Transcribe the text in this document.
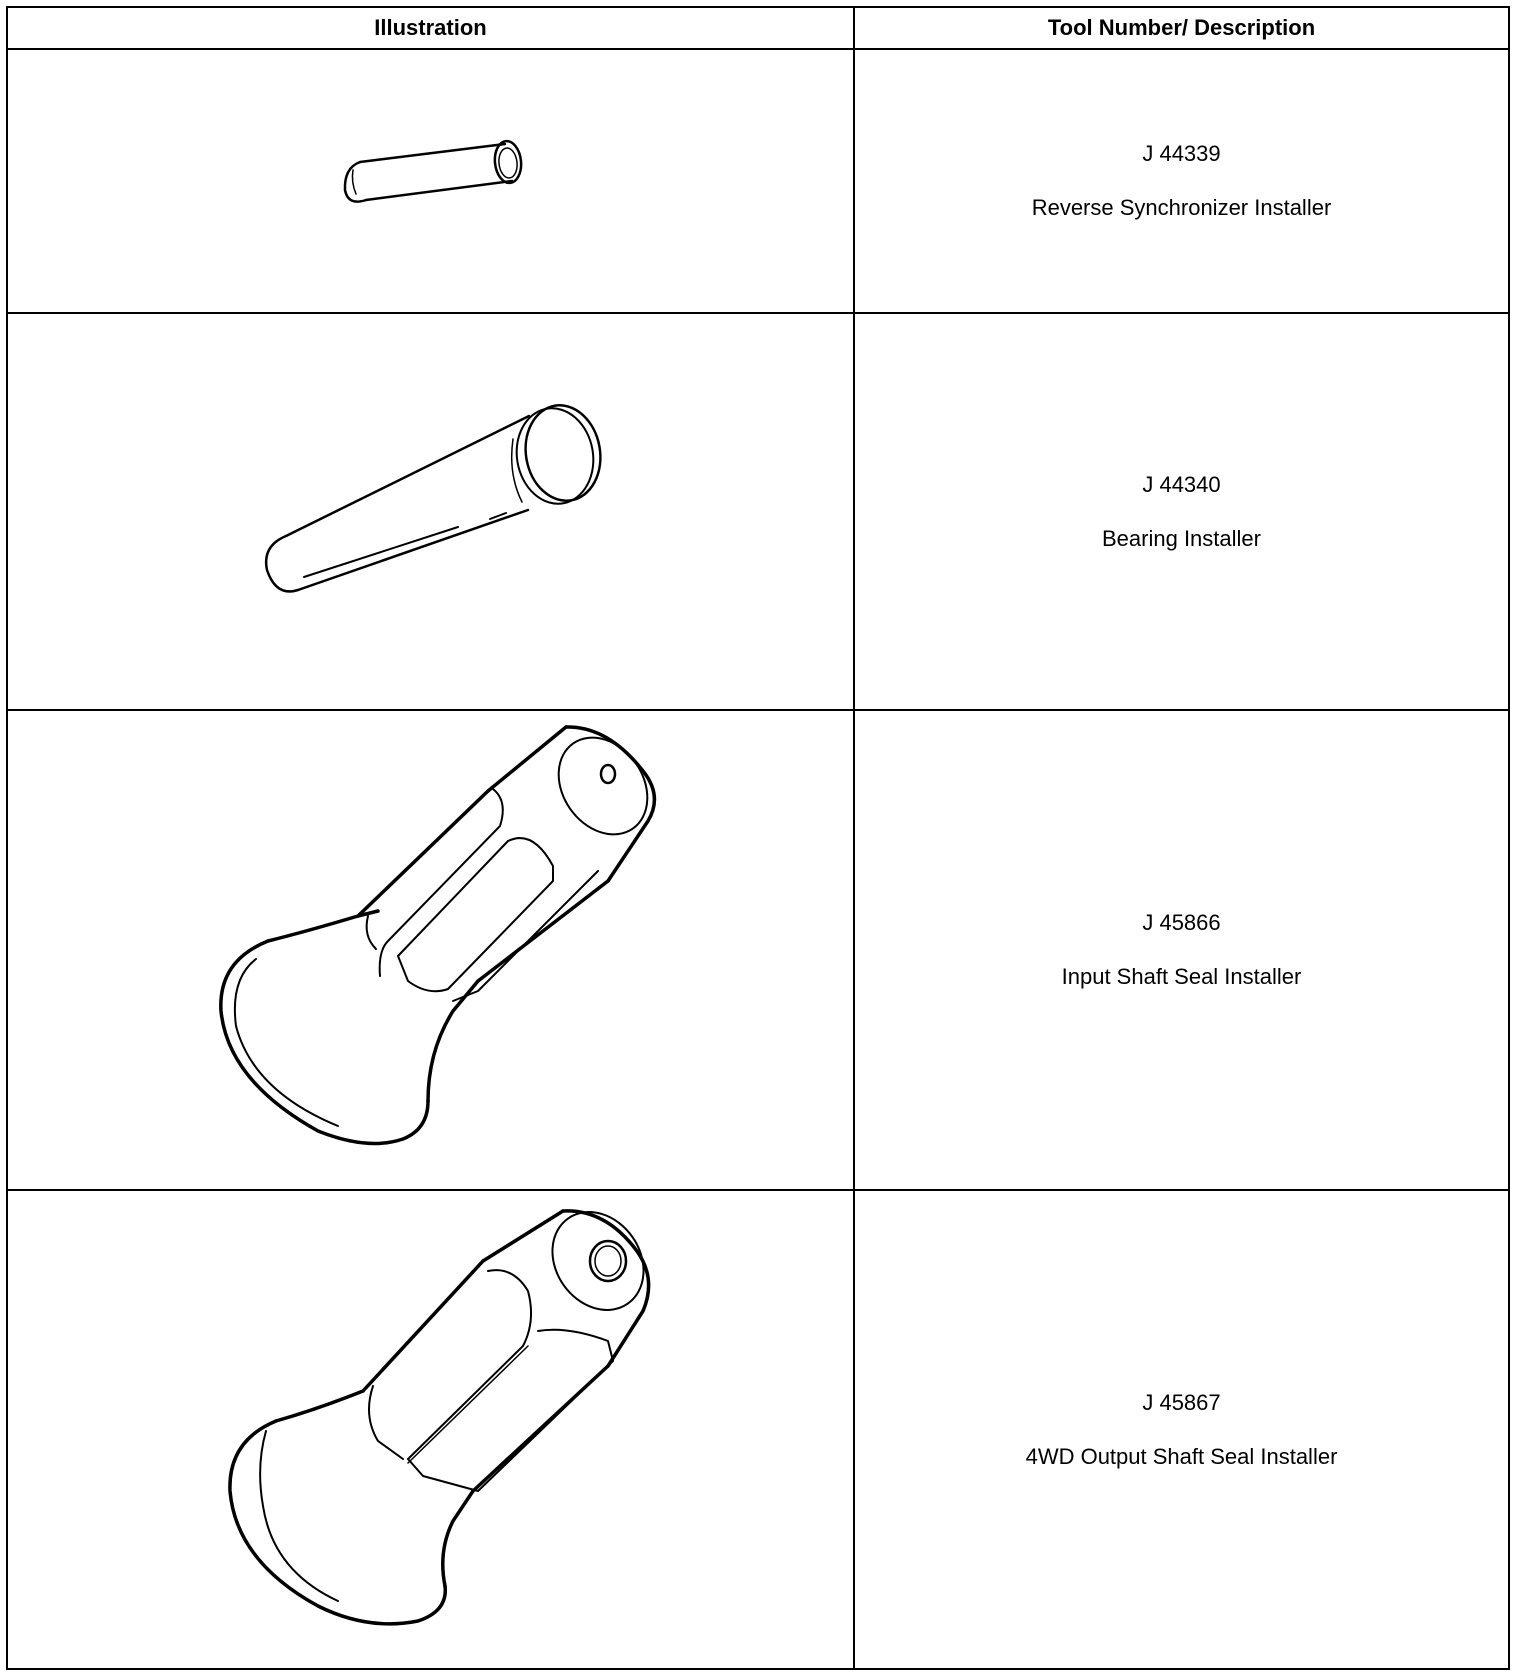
Illustration	Tool Number/ Description

J 44339
Reverse Synchronizer Installer

J 44340
Bearing Installer

J 45866
Input Shaft Seal Installer

J 45867
4WD Output Shaft Seal Installer
